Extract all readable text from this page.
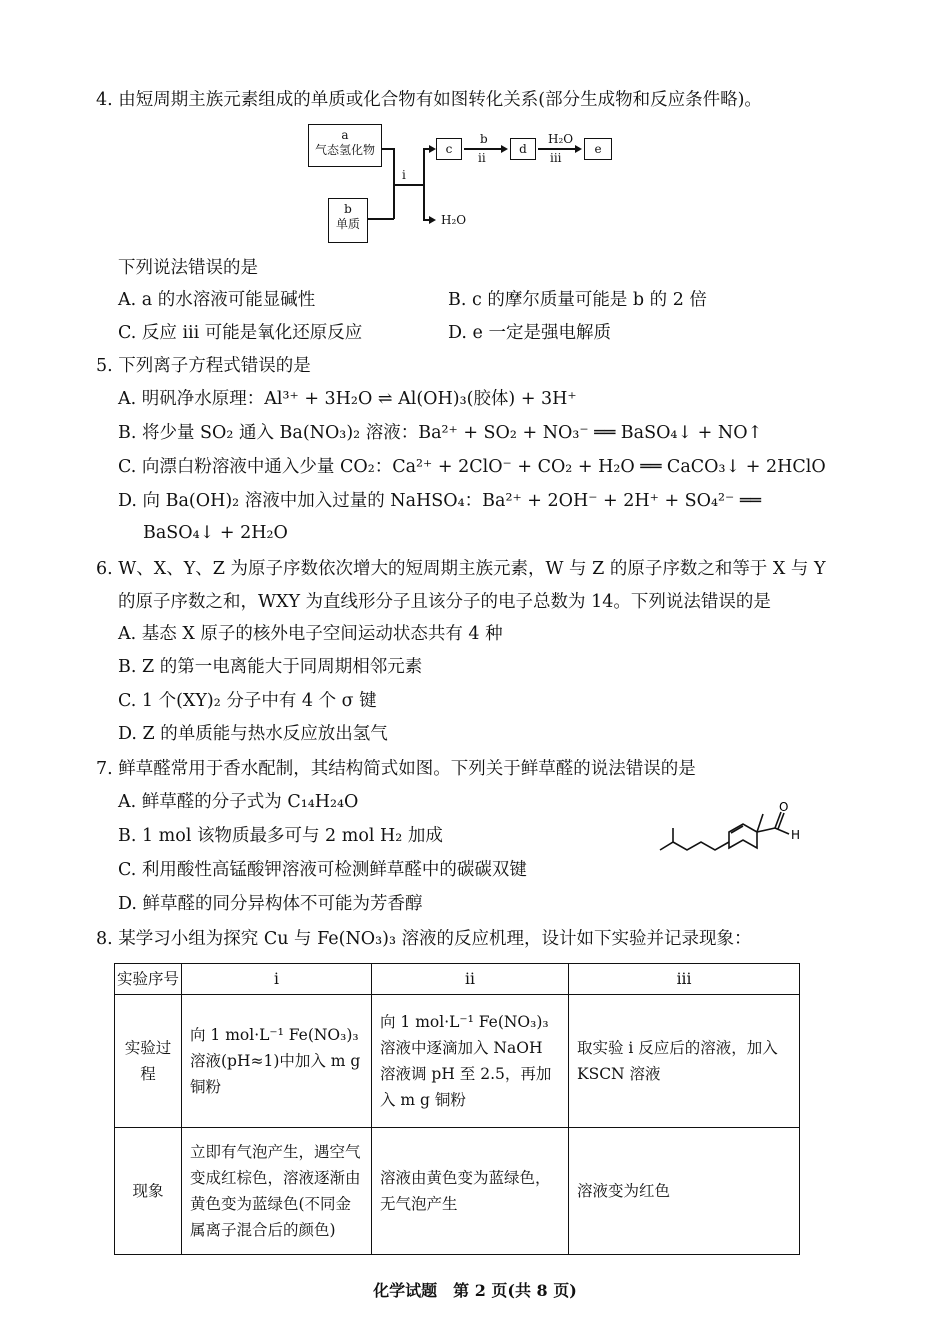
4. 由短周期主族元素组成的单质或化合物有如图转化关系(部分生成物和反应条件略)。
a
气态氢化物
b
单质
i
H₂O
c
b
ii
d
H₂O
iii
e
下列说法错误的是
A. a 的水溶液可能显碱性	B. c 的摩尔质量可能是 b 的 2 倍
C. 反应 iii 可能是氧化还原反应	D. e 一定是强电解质
5. 下列离子方程式错误的是
A. 明矾净水原理：Al³⁺ + 3H₂O ⇌ Al(OH)₃(胶体) + 3H⁺
B. 将少量 SO₂ 通入 Ba(NO₃)₂ 溶液：Ba²⁺ + SO₂ + NO₃⁻ ══ BaSO₄↓ + NO↑
C. 向漂白粉溶液中通入少量 CO₂：Ca²⁺ + 2ClO⁻ + CO₂ + H₂O ══ CaCO₃↓ + 2HClO
D. 向 Ba(OH)₂ 溶液中加入过量的 NaHSO₄：Ba²⁺ + 2OH⁻ + 2H⁺ + SO₄²⁻ ══
BaSO₄↓ + 2H₂O
6. W、X、Y、Z 为原子序数依次增大的短周期主族元素，W 与 Z 的原子序数之和等于 X 与 Y
的原子序数之和，WXY 为直线形分子且该分子的电子总数为 14。下列说法错误的是
A. 基态 X 原子的核外电子空间运动状态共有 4 种
B. Z 的第一电离能大于同周期相邻元素
C. 1 个(XY)₂ 分子中有 4 个 σ 键
D. Z 的单质能与热水反应放出氢气
7. 鲜草醛常用于香水配制，其结构简式如图。下列关于鲜草醛的说法错误的是
A. 鲜草醛的分子式为 C₁₄H₂₄O
B. 1 mol 该物质最多可与 2 mol H₂ 加成
C. 利用酸性高锰酸钾溶液可检测鲜草醛中的碳碳双键
D. 鲜草醛的同分异构体不可能为芳香醇
O
H
8. 某学习小组为探究 Cu 与 Fe(NO₃)₃ 溶液的反应机理，设计如下实验并记录现象：
实验序号	i	ii	iii
实验过程	向 1 mol·L⁻¹ Fe(NO₃)₃ 溶液(pH≈1)中加入 m g 铜粉	向 1 mol·L⁻¹ Fe(NO₃)₃ 溶液中逐滴加入 NaOH 溶液调 pH 至 2.5，再加入 m g 铜粉	取实验 i 反应后的溶液，加入 KSCN 溶液
现象	立即有气泡产生，遇空气变成红棕色，溶液逐渐由黄色变为蓝绿色(不同金属离子混合后的颜色)	溶液由黄色变为蓝绿色，无气泡产生	溶液变为红色
化学试题　第 2 页(共 8 页)
